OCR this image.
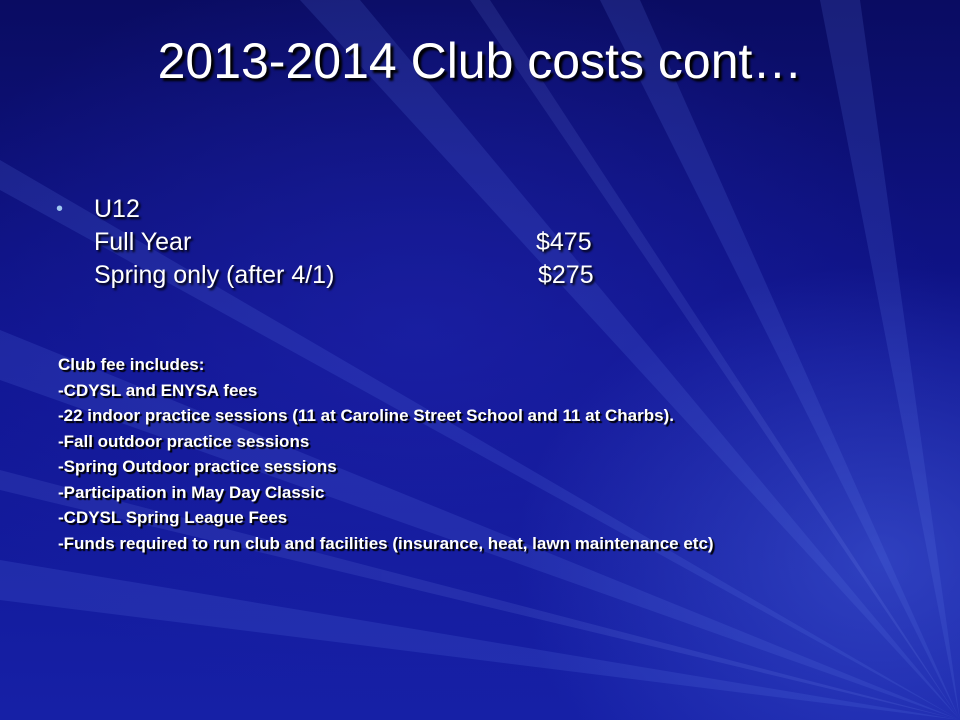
2013-2014 Club costs cont…
• U12
Full Year	$475
Spring only (after 4/1)	$275
Club fee includes:
-CDYSL and ENYSA fees
-22 indoor practice sessions (11 at Caroline Street School and 11 at Charbs).
-Fall outdoor practice sessions
-Spring Outdoor practice sessions
-Participation in May Day Classic
-CDYSL Spring League Fees
-Funds required to run club and facilities (insurance, heat, lawn maintenance etc)
